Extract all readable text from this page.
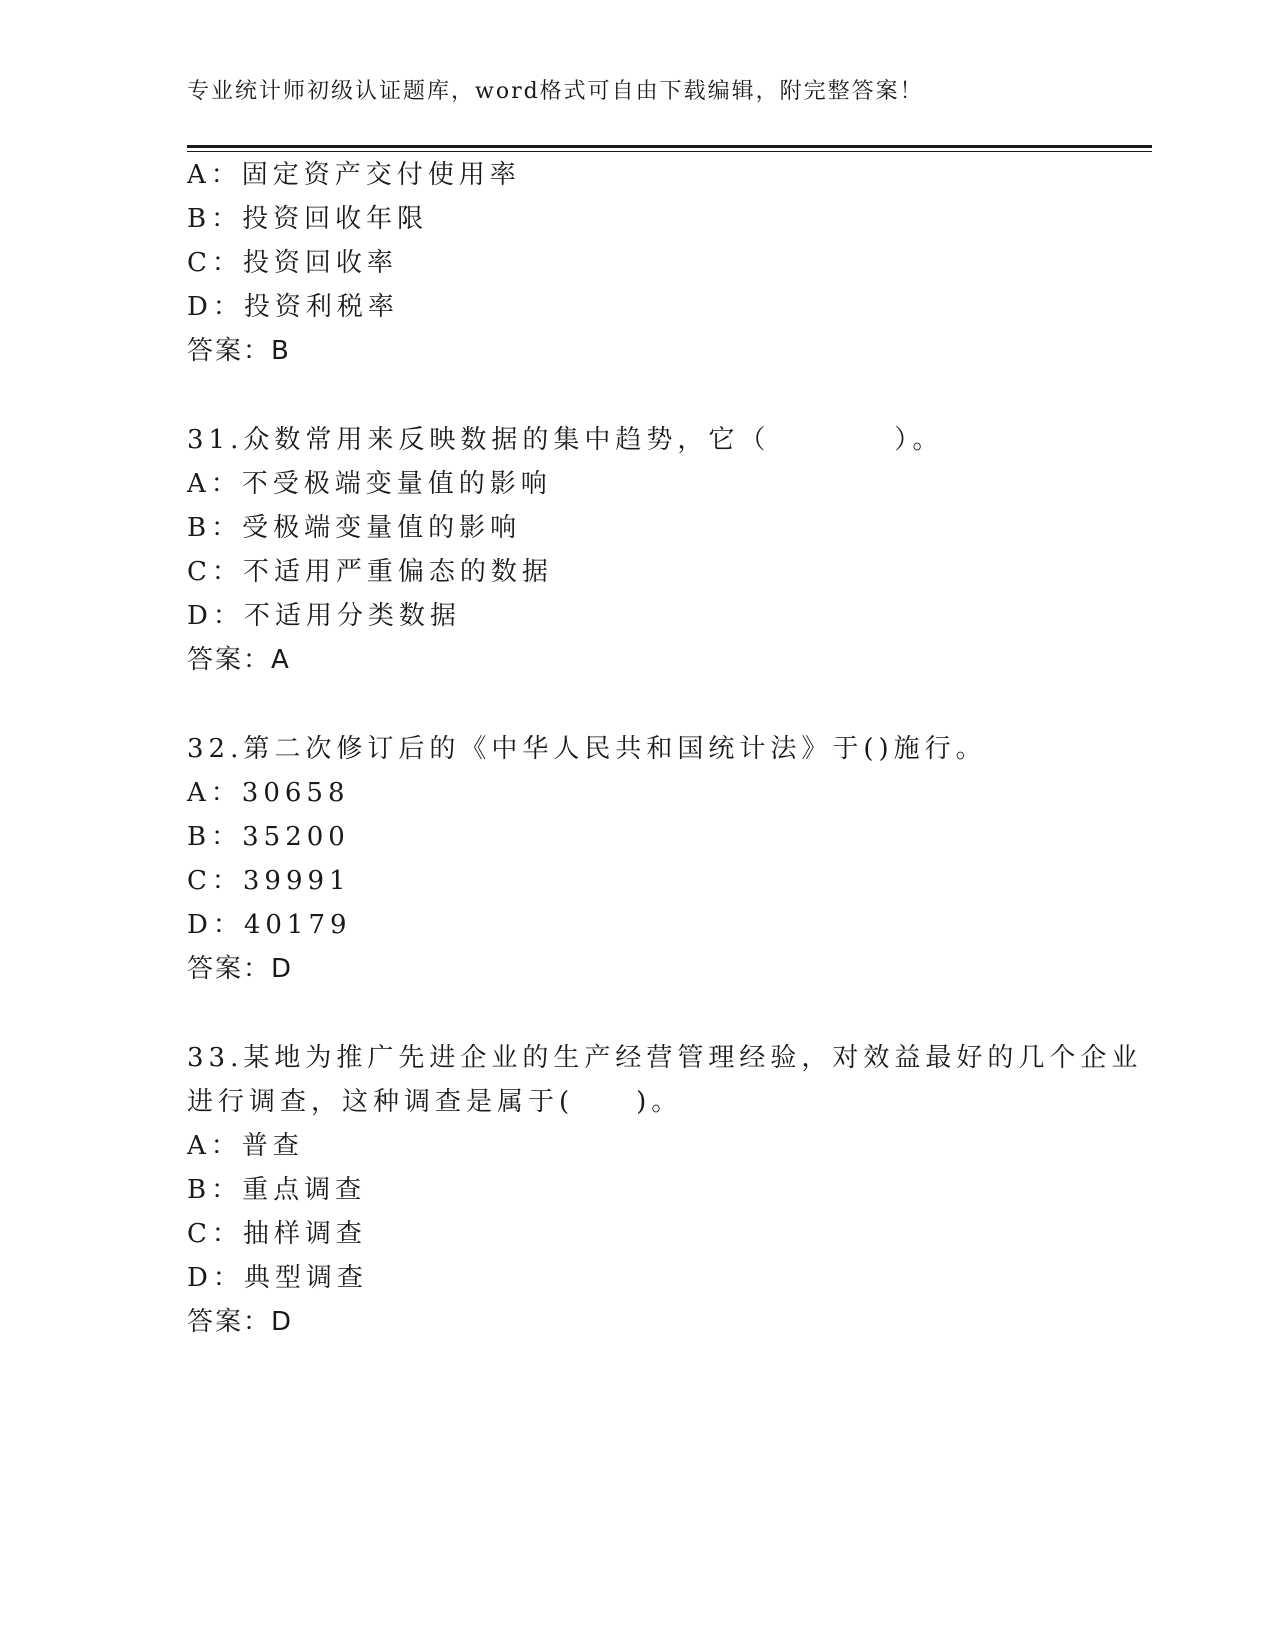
专业统计师初级认证题库，word格式可自由下载编辑，附完整答案！
A：固定资产交付使用率
B：投资回收年限
C：投资回收率
D：投资利税率
答案：B
31.众数常用来反映数据的集中趋势，它（　　　　）。
A：不受极端变量值的影响
B：受极端变量值的影响
C：不适用严重偏态的数据
D：不适用分类数据
答案：A
32.第二次修订后的《中华人民共和国统计法》于()施行。
A：30658
B：35200
C：39991
D：40179
答案：D
33.某地为推广先进企业的生产经营管理经验，对效益最好的几个企业
进行调查，这种调查是属于(　　)。
A：普查
B：重点调查
C：抽样调查
D：典型调查
答案：D
